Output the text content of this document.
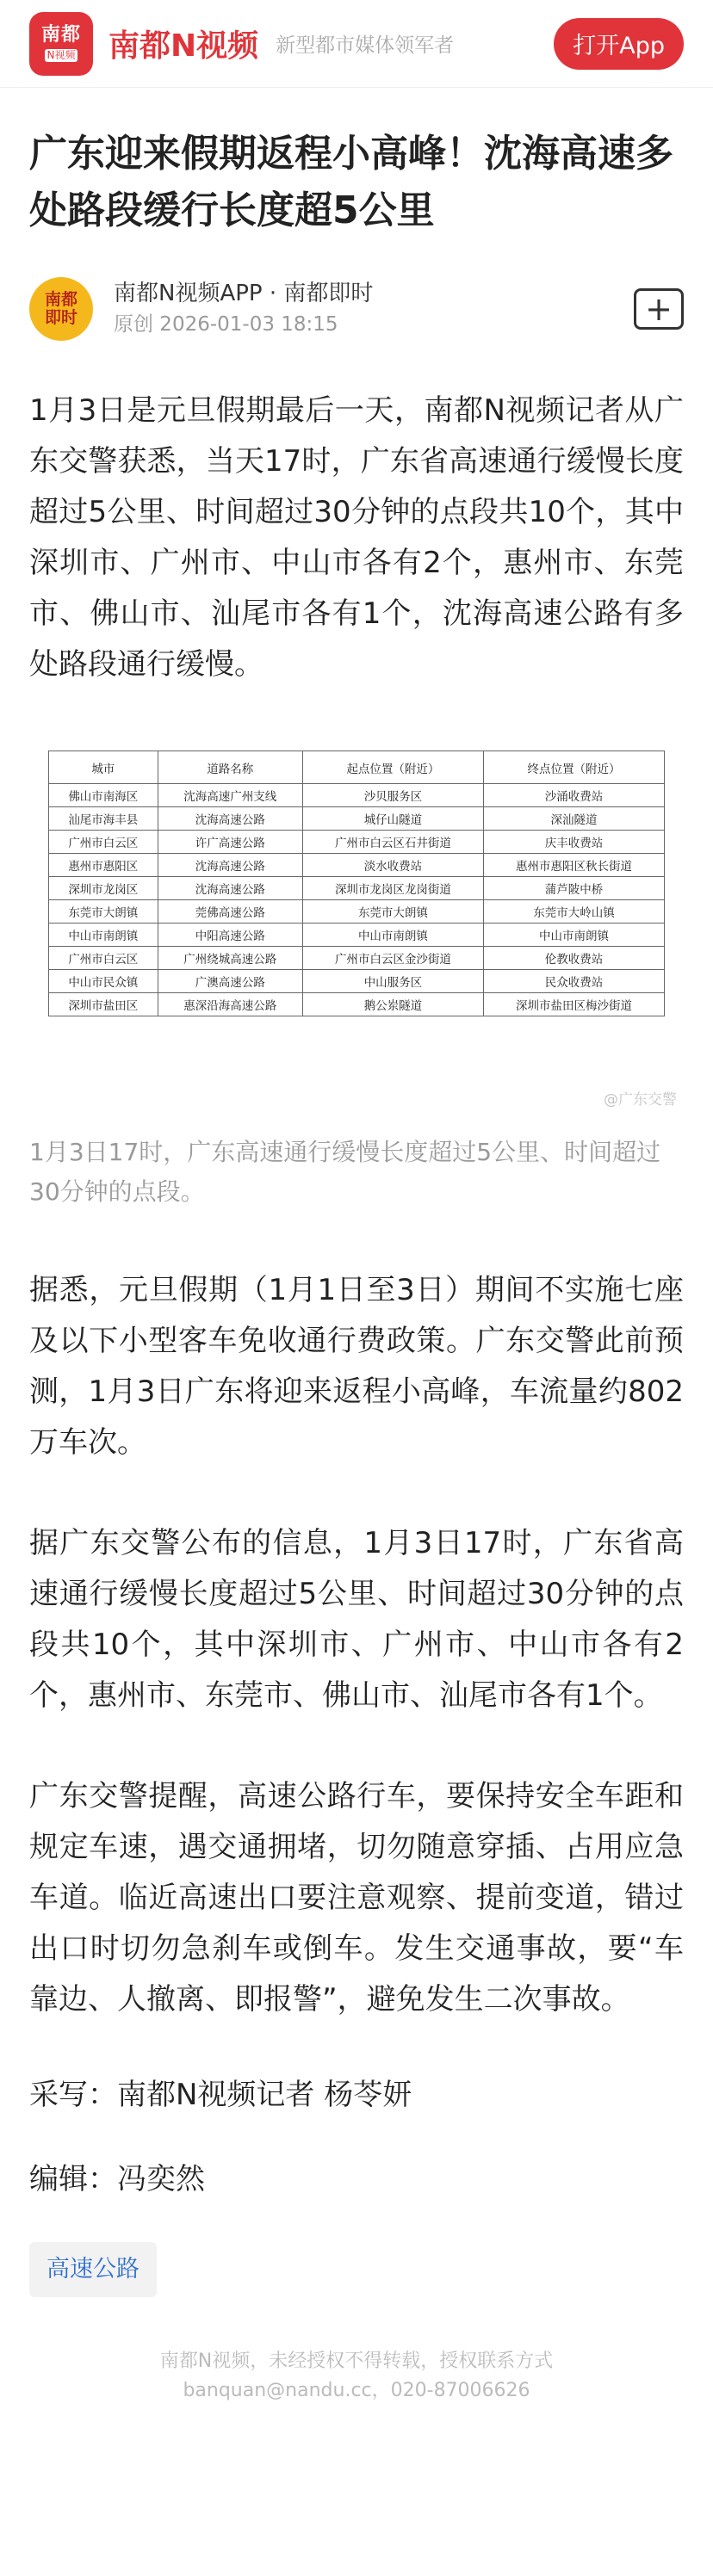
南都
N视频 南都N视频 新型都市媒体领军者	打开App
广东迎来假期返程小高峰！沈海高速多处路段缓行长度超5公里
南都
即时
南都N视频APP · 南都即时
原创 2026-01-03 18:15	+

1月3日是元旦假期最后一天，南都N视频记者从广东交警获悉，当天17时，广东省高速通行缓慢长度超过5公里、时间超过30分钟的点段共10个，其中深圳市、广州市、中山市各有2个，惠州市、东莞市、佛山市、汕尾市各有1个，沈海高速公路有多处路段通行缓慢。

城市	道路名称	起点位置（附近）	终点位置（附近）
佛山市南海区	沈海高速广州支线	沙贝服务区	沙涌收费站
汕尾市海丰县	沈海高速公路	城仔山隧道	深汕隧道
广州市白云区	许广高速公路	广州市白云区石井街道	庆丰收费站
惠州市惠阳区	沈海高速公路	淡水收费站	惠州市惠阳区秋长街道
深圳市龙岗区	沈海高速公路	深圳市龙岗区龙岗街道	蒲芦陂中桥
东莞市大朗镇	莞佛高速公路	东莞市大朗镇	东莞市大岭山镇
中山市南朗镇	中阳高速公路	中山市南朗镇	中山市南朗镇
广州市白云区	广州绕城高速公路	广州市白云区金沙街道	伦教收费站
中山市民众镇	广澳高速公路	中山服务区	民众收费站
深圳市盐田区	惠深沿海高速公路	鹅公岽隧道	深圳市盐田区梅沙街道
@广东交警

1月3日17时，广东高速通行缓慢长度超过5公里、时间超过30分钟的点段。

据悉，元旦假期（1月1日至3日）期间不实施七座及以下小型客车免收通行费政策。广东交警此前预测，1月3日广东将迎来返程小高峰，车流量约802万车次。

据广东交警公布的信息，1月3日17时，广东省高速通行缓慢长度超过5公里、时间超过30分钟的点段共10个，其中深圳市、广州市、中山市各有2个，惠州市、东莞市、佛山市、汕尾市各有1个。

广东交警提醒，高速公路行车，要保持安全车距和规定车速，遇交通拥堵，切勿随意穿插、占用应急车道。临近高速出口要注意观察、提前变道，错过出口时切勿急刹车或倒车。发生交通事故，要“车靠边、人撤离、即报警”，避免发生二次事故。

采写：南都N视频记者 杨苓妍

编辑：冯奕然

高速公路
南都N视频，未经授权不得转载，授权联系方式
banquan@nandu.cc，020-87006626
